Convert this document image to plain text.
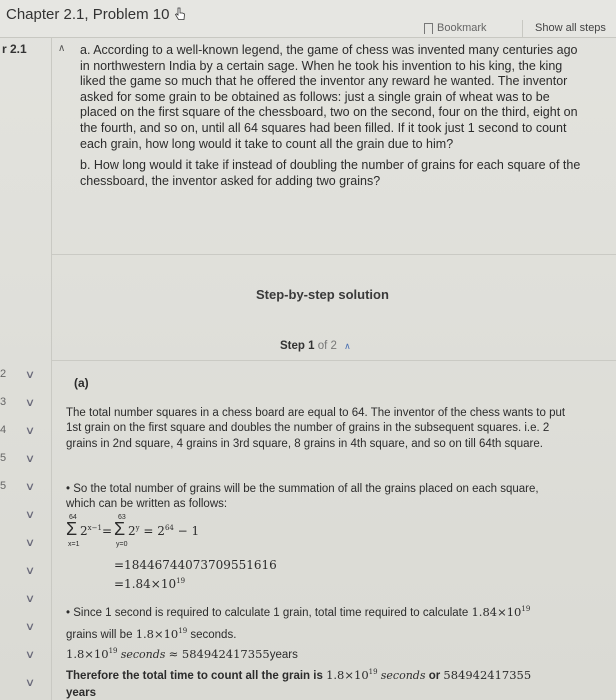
Chapter 2.1, Problem 10
Bookmark	Show all steps
r 2.1
2
3
4
5
5
∨
∨
∨
∨
∨
∨
∨
∨
∨
∨
∨
∨
∧ a. According to a well-known legend, the game of chess was invented many centuries ago in northwestern India by a certain sage. When he took his invention to his king, the king liked the game so much that he offered the inventor any reward he wanted. The inventor asked for some grain to be obtained as follows: just a single grain of wheat was to be placed on the first square of the chessboard, two on the second, four on the third, eight on the fourth, and so on, until all 64 squares had been filled. If it took just 1 second to count each grain, how long would it take to count all the grain due to him?

b. How long would it take if instead of doubling the number of grains for each square of the chessboard, the inventor asked for adding two grains?

Step-by-step solution
Step 1 of 2 ∧
(a)
The total number squares in a chess board are equal to 64. The inventor of the chess wants to put 1st grain on the first square and doubles the number of grains in the subsequent squares. i.e. 2 grains in 2nd square, 4 grains in 3rd square, 8 grains in 4th square, and so on till 64th square.
• So the total number of grains will be the summation of all the grains placed on each square, which can be written as follows:
64
Σ
x=1
$2^{x-1}$ =
63
Σ
y=0
$2^y = 2^{64} - 1$
=18446744073709551616
$=1.84\times 10^{19}$
• Since 1 second is required to calculate 1 grain, total time required to calculate $1.84\times 10^{19}$
grains will be $1.8\times 10^{19}$ seconds.
$1.8\times 10^{19}$ seconds ≈ 584942417355years
Therefore the total time to count all the grain is $1.8\times 10^{19}$ seconds or 584942417355
years
